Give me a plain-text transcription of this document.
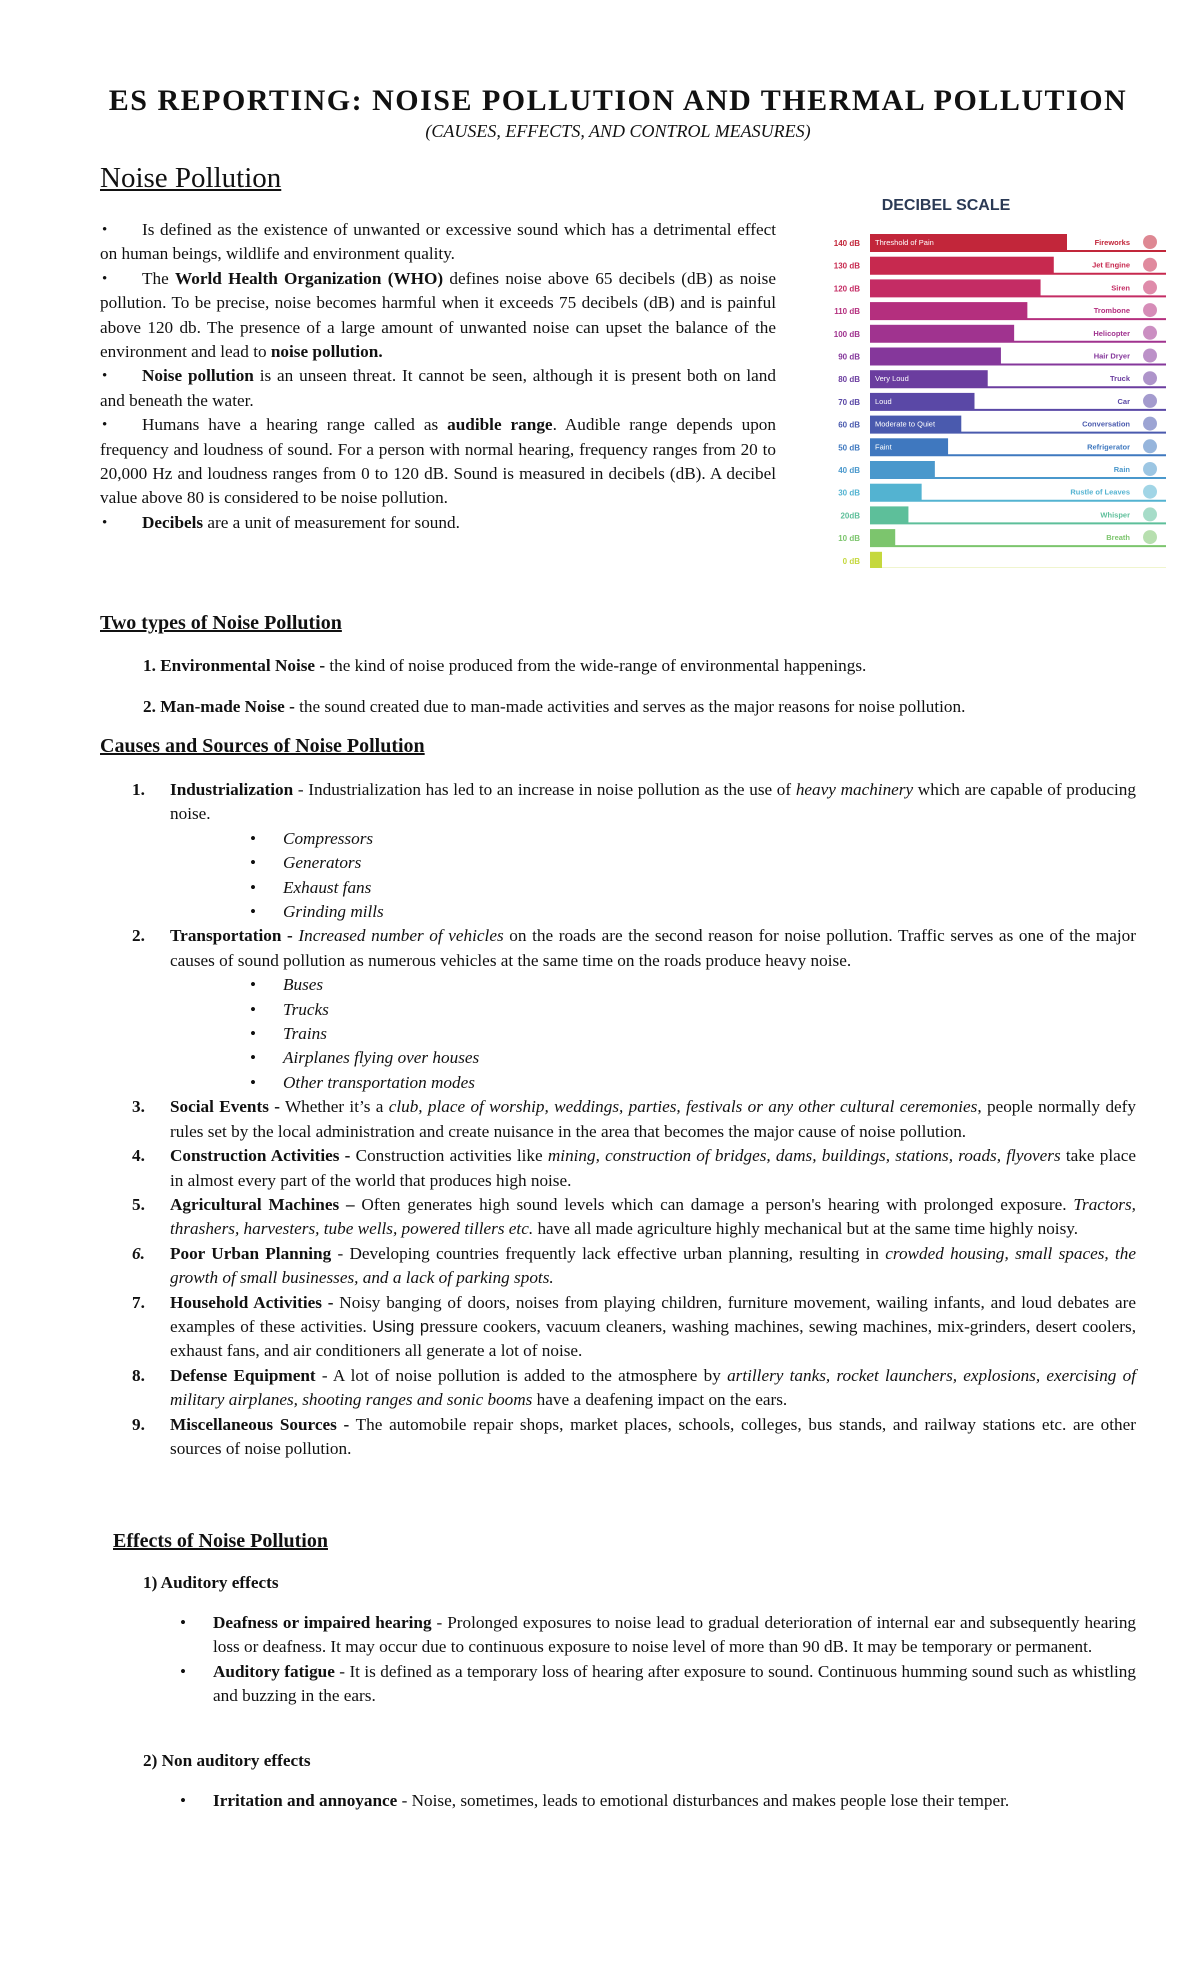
ES REPORTING: NOISE POLLUTION AND THERMAL POLLUTION
(CAUSES, EFFECTS, AND CONTROL MEASURES)
Noise Pollution
•	Is defined as the existence of unwanted or excessive sound which has a detrimental effect on human beings, wildlife and environment quality.
•	The World Health Organization (WHO) defines noise above 65 decibels (dB) as noise pollution. To be precise, noise becomes harmful when it exceeds 75 decibels (dB) and is painful above 120 db. The presence of a large amount of unwanted noise can upset the balance of the environment and lead to noise pollution.
•	Noise pollution is an unseen threat. It cannot be seen, although it is present both on land and beneath the water.
•	Humans have a hearing range called as audible range. Audible range depends upon frequency and loudness of sound. For a person with normal hearing, frequency ranges from 20 to 20,000 Hz and loudness ranges from 0 to 120 dB. Sound is measured in decibels (dB). A decibel value above 80 is considered to be noise pollution.
•	Decibels are a unit of measurement for sound.
DECIBEL SCALE
140 dB Threshold of Pain	Fireworks
130 dB	Jet Engine
120 dB	Siren
110 dB	Trombone
100 dB	Helicopter
90 dB	Hair Dryer
80 dB Very Loud	Truck
70 dB Loud	Car
60 dB Moderate to Quiet	Conversation
50 dB Faint	Refrigerator
40 dB	Rain
30 dB	Rustle of Leaves
20dB	Whisper
10 dB	Breath
0 dB
Two types of Noise Pollution
1. Environmental Noise - the kind of noise produced from the wide-range of environmental happenings.
2. Man-made Noise - the sound created due to man-made activities and serves as the major reasons for noise pollution.
Causes and Sources of Noise Pollution
1. Industrialization - Industrialization has led to an increase in noise pollution as the use of heavy machinery which are capable of producing noise.
• Compressors
• Generators
• Exhaust fans
• Grinding mills
2. Transportation - Increased number of vehicles on the roads are the second reason for noise pollution. Traffic serves as one of the major causes of sound pollution as numerous vehicles at the same time on the roads produce heavy noise.
• Buses
• Trucks
• Trains
• Airplanes flying over houses
• Other transportation modes
3. Social Events - Whether it’s a club, place of worship, weddings, parties, festivals or any other cultural ceremonies, people normally defy rules set by the local administration and create nuisance in the area that becomes the major cause of noise pollution.
4. Construction Activities - Construction activities like mining, construction of bridges, dams, buildings, stations, roads, flyovers take place in almost every part of the world that produces high noise.
5. Agricultural Machines – Often generates high sound levels which can damage a person's hearing with prolonged exposure. Tractors, thrashers, harvesters, tube wells, powered tillers etc. have all made agriculture highly mechanical but at the same time highly noisy.
6. Poor Urban Planning - Developing countries frequently lack effective urban planning, resulting in crowded housing, small spaces, the growth of small businesses, and a lack of parking spots.
7. Household Activities - Noisy banging of doors, noises from playing children, furniture movement, wailing infants, and loud debates are examples of these activities. Using pressure cookers, vacuum cleaners, washing machines, sewing machines, mix-grinders, desert coolers, exhaust fans, and air conditioners all generate a lot of noise.
8. Defense Equipment - A lot of noise pollution is added to the atmosphere by artillery tanks, rocket launchers, explosions, exercising of military airplanes, shooting ranges and sonic booms have a deafening impact on the ears.
9. Miscellaneous Sources - The automobile repair shops, market places, schools, colleges, bus stands, and railway stations etc. are other sources of noise pollution.
Effects of Noise Pollution
1) Auditory effects
• Deafness or impaired hearing - Prolonged exposures to noise lead to gradual deterioration of internal ear and subsequently hearing loss or deafness. It may occur due to continuous exposure to noise level of more than 90 dB. It may be temporary or permanent.
• Auditory fatigue - It is defined as a temporary loss of hearing after exposure to sound. Continuous humming sound such as whistling and buzzing in the ears.
2) Non auditory effects
• Irritation and annoyance - Noise, sometimes, leads to emotional disturbances and makes people lose their temper.
